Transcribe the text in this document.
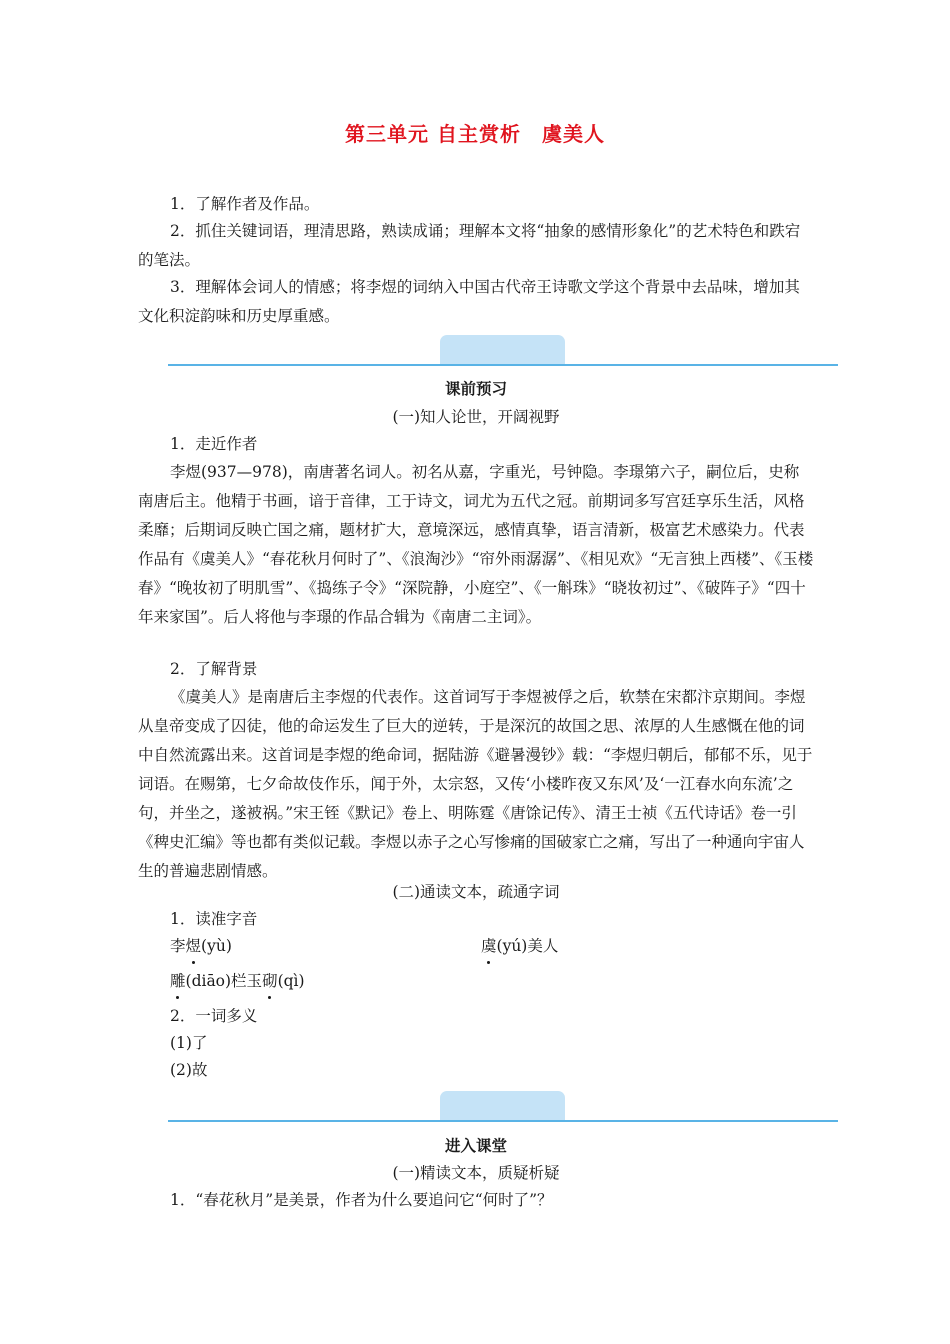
第三单元 自主赏析　虞美人
1．了解作者及作品。
2．抓住关键词语，理清思路，熟读成诵；理解本文将“抽象的感情形象化”的艺术特色和跌宕的笔法。
3．理解体会词人的情感；将李煜的词纳入中国古代帝王诗歌文学这个背景中去品味，增加其文化积淀韵味和历史厚重感。
课前预习
(一)知人论世，开阔视野
1．走近作者
李煜(937—978)，南唐著名词人。初名从嘉，字重光，号钟隐。李璟第六子，嗣位后，史称南唐后主。他精于书画，谙于音律，工于诗文，词尤为五代之冠。前期词多写宫廷享乐生活，风格柔靡；后期词反映亡国之痛，题材扩大，意境深远，感情真挚，语言清新，极富艺术感染力。代表作品有《虞美人》“春花秋月何时了”、《浪淘沙》“帘外雨潺潺”、《相见欢》“无言独上西楼”、《玉楼春》“晚妆初了明肌雪”、《捣练子令》“深院静，小庭空”、《一斛珠》“晓妆初过”、《破阵子》“四十年来家国”。后人将他与李璟的作品合辑为《南唐二主词》。
2．了解背景
《虞美人》是南唐后主李煜的代表作。这首词写于李煜被俘之后，软禁在宋都汴京期间。李煜从皇帝变成了囚徒，他的命运发生了巨大的逆转，于是深沉的故国之思、浓厚的人生感慨在他的词中自然流露出来。这首词是李煜的绝命词，据陆游《避暑漫钞》载：“李煜归朝后，郁郁不乐，见于词语。在赐第，七夕命故伎作乐，闻于外，太宗怒，又传‘小楼昨夜又东风’及‘一江春水向东流’之句，并坐之，遂被祸。”宋王铚《默记》卷上、明陈霆《唐馀记传》、清王士祯《五代诗话》卷一引《稗史汇编》等也都有类似记载。李煜以赤子之心写惨痛的国破家亡之痛，写出了一种通向宇宙人生的普遍悲剧情感。
(二)通读文本，疏通字词
1．读准字音
李煜(yù)	虞(yú)美人
雕(diāo)栏玉砌(qì)
2．一词多义
(1)了
(2)故
进入课堂
(一)精读文本，质疑析疑
1．“春花秋月”是美景，作者为什么要追问它“何时了”？
